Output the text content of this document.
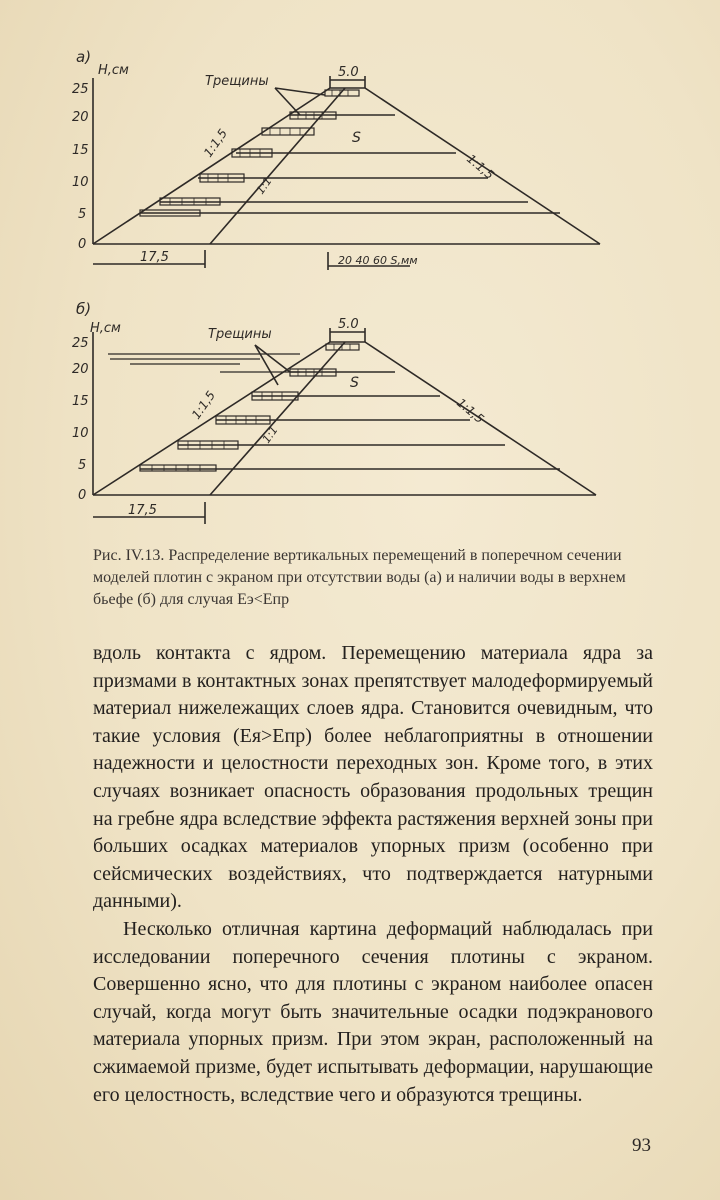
а)
Н,см
25
20
15
10
5
0
Трещины
5.0
S
1:1,5
1:1,5
1:1
17,5	20 40 60 S,мм
б)
Н,см
25
20
15
10
5
0
Трещины
5.0
S
1:1,5	1:1,5
1:1
17,5
Рис. IV.13. Распределение вертикальных перемещений в поперечном сечении моделей плотин с экраном при отсутствии воды (а) и наличии воды в верхнем бьефе (б) для случая Eэ<Eпр

вдоль контакта с ядром. Перемещению материала ядра за призмами в контактных зонах препятствует малодеформируемый материал нижележащих слоев ядра. Становится очевидным, что такие условия (Eя>Eпр) более неблагоприятны в отношении надежности и целостности переходных зон. Кроме того, в этих случаях возникает опасность образования продольных трещин на гребне ядра вследствие эффекта растяжения верхней зоны при больших осадках материалов упорных призм (особенно при сейсмических воздействиях, что подтверждается натурными данными).

Несколько отличная картина деформаций наблюдалась при исследовании поперечного сечения плотины с экраном. Совершенно ясно, что для плотины с экраном наиболее опасен случай, когда могут быть значительные осадки подэкранового материала упорных призм. При этом экран, расположенный на сжимаемой призме, будет испытывать деформации, нарушающие его целостность, вследствие чего и образуются трещины.

93
